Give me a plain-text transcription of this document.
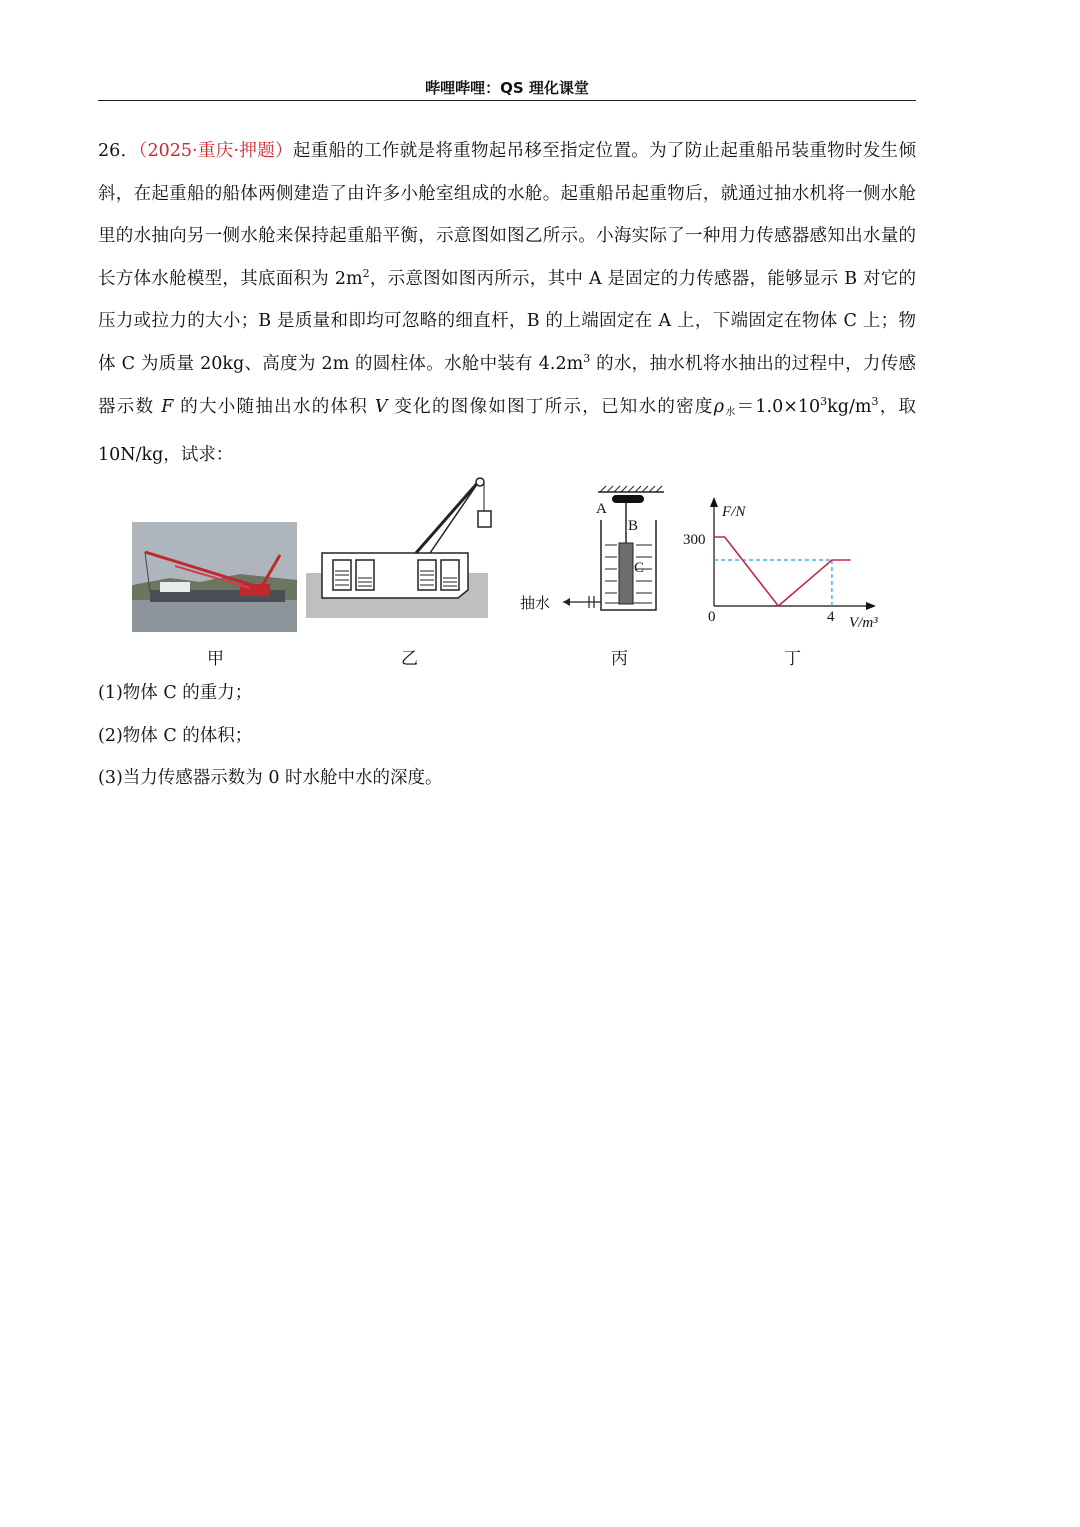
哔哩哔哩：QS 理化课堂
26．（2025·重庆·押题）起重船的工作就是将重物起吊移至指定位置。为了防止起重船吊装重物时发生倾斜，在起重船的船体两侧建造了由许多小舱室组成的水舱。起重船吊起重物后，就通过抽水机将一侧水舱里的水抽向另一侧水舱来保持起重船平衡，示意图如图乙所示。小海实际了一种用力传感器感知出水量的长方体水舱模型，其底面积为 $2m^2$，示意图如图丙所示，其中 A 是固定的力传感器，能够显示 B 对它的压力或拉力的大小；B 是质量和即均可忽略的细直杆，B 的上端固定在 A 上，下端固定在物体 C 上；物体 C 为质量 20kg、高度为 2m 的圆柱体。水舱中装有 $4.2m^3$ 的水，抽水机将水抽出的过程中，力传感器示数 F 的大小随抽出水的体积 V 变化的图像如图丁所示，已知水的密度$\rho_水=1.0\times 10^3kg/m^3$，取 10N/kg，试求：
A
B
C
抽水
F/N
300
0	4 V/m³
甲	乙	丙	丁
(1)物体 C 的重力；
(2)物体 C 的体积；
(3)当力传感器示数为 0 时水舱中水的深度。
